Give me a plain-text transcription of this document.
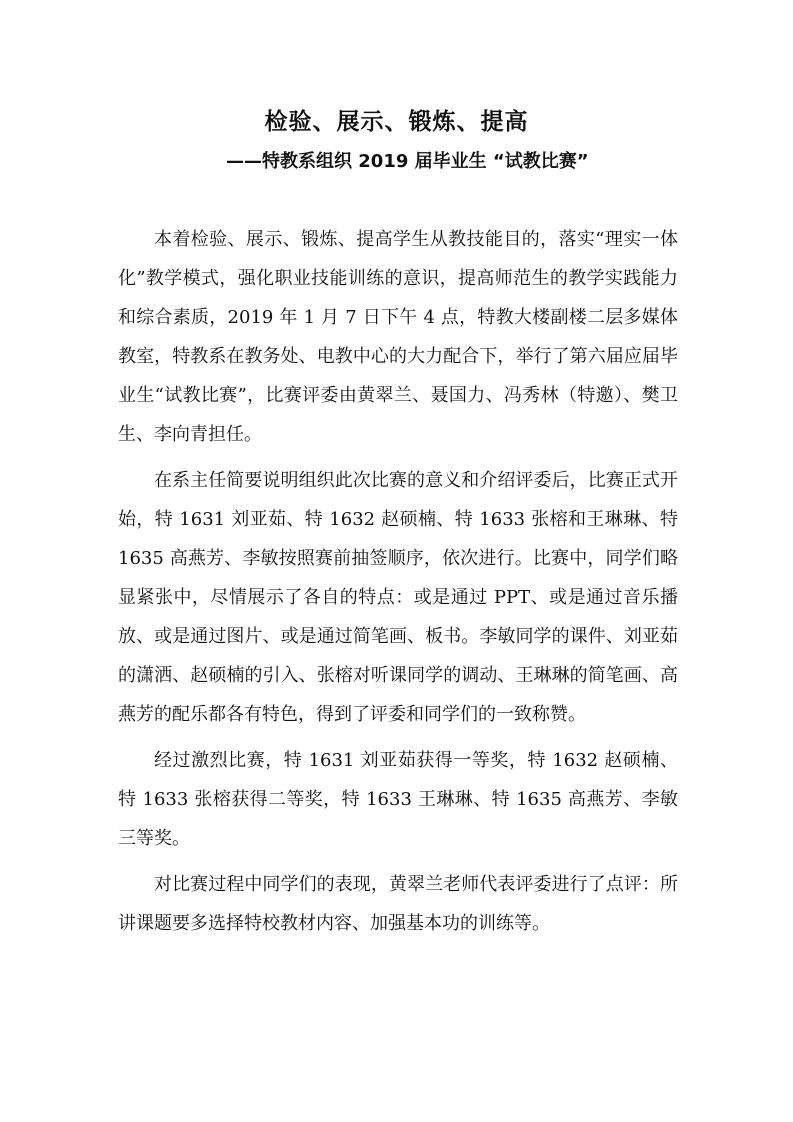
检验、展示、锻炼、提高
——特教系组织 2019 届毕业生 “试教比赛”

本着检验、展示、锻炼、提高学生从教技能目的，落实“理实一体化”教学模式，强化职业技能训练的意识，提高师范生的教学实践能力和综合素质，2019 年 1 月 7 日下午 4 点，特教大楼副楼二层多媒体教室，特教系在教务处、电教中心的大力配合下，举行了第六届应届毕业生“试教比赛”，比赛评委由黄翠兰、聂国力、冯秀林（特邀）、樊卫生、李向青担任。

在系主任简要说明组织此次比赛的意义和介绍评委后，比赛正式开始，特 1631 刘亚茹、特 1632 赵硕楠、特 1633 张榕和王琳琳、特 1635 高燕芳、李敏按照赛前抽签顺序，依次进行。比赛中，同学们略显紧张中，尽情展示了各自的特点：或是通过 PPT、或是通过音乐播放、或是通过图片、或是通过简笔画、板书。李敏同学的课件、刘亚茹的潇洒、赵硕楠的引入、张榕对听课同学的调动、王琳琳的简笔画、高燕芳的配乐都各有特色，得到了评委和同学们的一致称赞。

经过激烈比赛，特 1631 刘亚茹获得一等奖，特 1632 赵硕楠、特 1633 张榕获得二等奖，特 1633 王琳琳、特 1635 高燕芳、李敏三等奖。

对比赛过程中同学们的表现，黄翠兰老师代表评委进行了点评：所讲课题要多选择特校教材内容、加强基本功的训练等。
